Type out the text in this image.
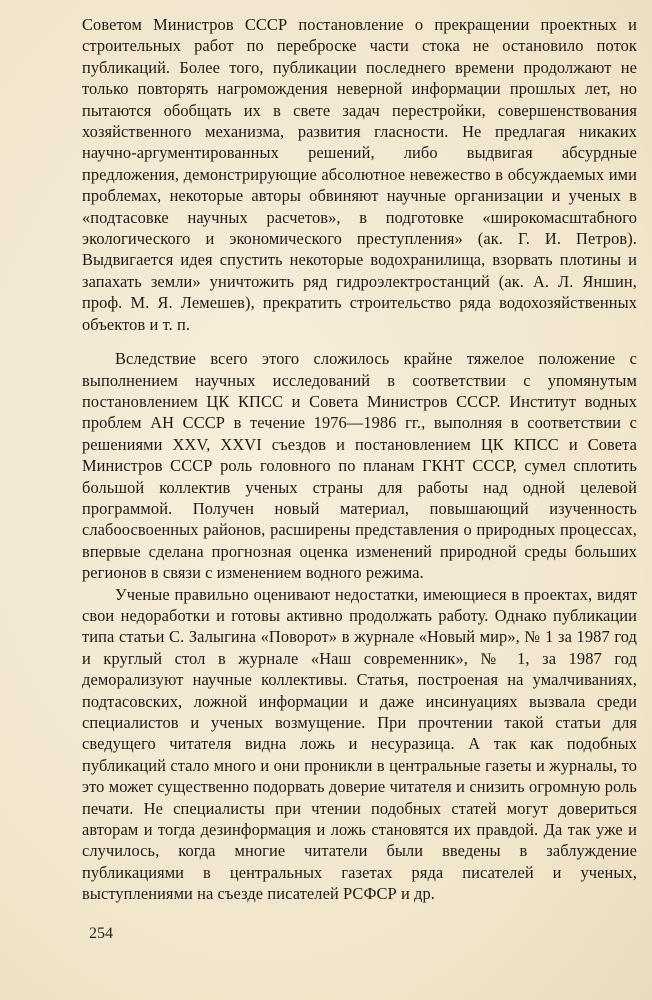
Советом Министров СССР постановление о прекращении проектных и строительных работ по переброске части стока не остановило поток публикаций. Более того, публикации последнего времени продолжают не только повторять нагромождения неверной информации прошлых лет, но пытаются обобщать их в свете задач перестройки, совершенствования хозяйственного механизма, развития гласности. Не предлагая никаких научно-аргументированных решений, либо выдвигая абсурдные предложения, демонстрирующие абсолютное невежество в обсуждаемых ими проблемах, некоторые авторы обвиняют научные организации и ученых в «подтасовке научных расчетов», в подготовке «широкомасштабного экологического и экономического преступления» (ак. Г. И. Петров). Выдвигается идея спустить некоторые водохранилища, взорвать плотины и запахать земли» уничтожить ряд гидроэлектростанций (ак. А. Л. Яншин, проф. М. Я. Лемешев), прекратить строительство ряда водохозяйственных объектов и т. п.

Вследствие всего этого сложилось крайне тяжелое положение с выполнением научных исследований в соответствии с упомянутым постановлением ЦК КПСС и Совета Министров СССР. Институт водных проблем АН СССР в течение 1976—1986 гг., выполняя в соответствии с решениями XXV, XXVI съездов и постановлением ЦК КПСС и Совета Министров СССР роль головного по планам ГКНТ СССР, сумел сплотить большой коллектив ученых страны для работы над одной целевой программой. Получен новый материал, повышающий изученность слабоосвоенных районов, расширены представления о природных процессах, впервые сделана прогнозная оценка изменений природной среды больших регионов в связи с изменением водного режима.

Ученые правильно оценивают недостатки, имеющиеся в проектах, видят свои недоработки и готовы активно продолжать работу. Однако публикации типа статьи С. Залыгина «Поворот» в журнале «Новый мир», № 1 за 1987 год и круглый стол в журнале «Наш современник», № 1, за 1987 год деморализуют научные коллективы. Статья, построеная на умалчиваниях, подтасовских, ложной информации и даже инсинуациях вызвала среди специалистов и ученых возмущение. При прочтении такой статьи для сведущего читателя видна ложь и несуразица. А так как подобных публикаций стало много и они проникли в центральные газеты и журналы, то это может существенно подорвать доверие читателя и снизить огромную роль печати. Не специалисты при чтении подобных статей могут довериться авторам и тогда дезинформация и ложь становятся их правдой. Да так уже и случилось, когда многие читатели были введены в заблуждение публикациями в центральных газетах ряда писателей и ученых, выступлениями на съезде писателей РСФСР и др.

254
